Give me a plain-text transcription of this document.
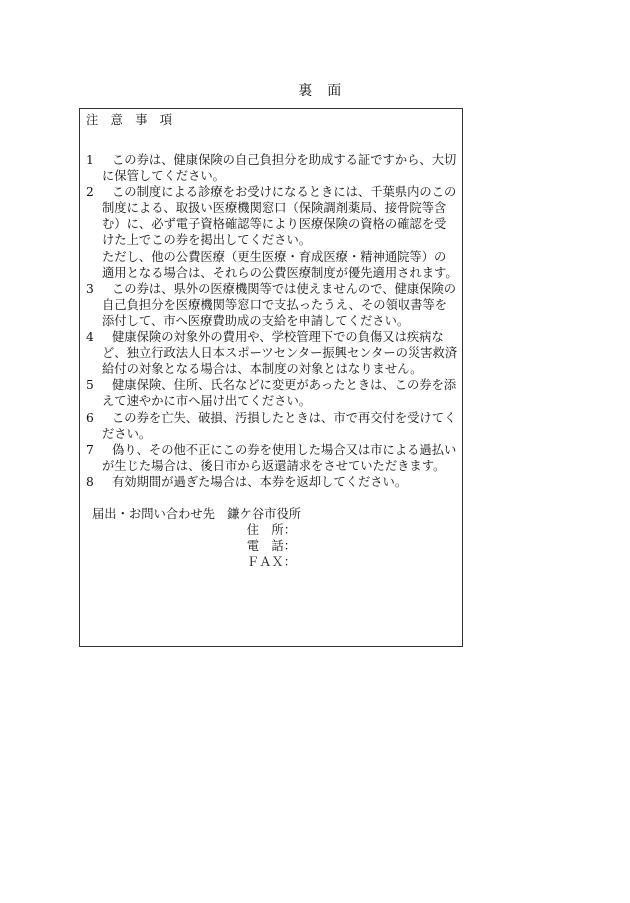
裏　面
注　意　事　項
1	この券は、健康保険の自己負担分を助成する証ですから、大切に保管してください。

2	この制度による診療をお受けになるときには、千葉県内のこの制度による、取扱い医療機関窓口（保険調剤薬局、接骨院等含む）に、必ず電子資格確認等により医療保険の資格の確認を受けた上でこの券を掲出してください。

ただし、他の公費医療（更生医療・育成医療・精神通院等）の適用となる場合は、それらの公費医療制度が優先適用されます。

3	この券は、県外の医療機関等では使えませんので、健康保険の自己負担分を医療機関等窓口で支払ったうえ、その領収書等を添付して、市へ医療費助成の支給を申請してください。

4	健康保険の対象外の費用や、学校管理下での負傷又は疾病など、独立行政法人日本スポーツセンター振興センターの災害救済給付の対象となる場合は、本制度の対象とはなりません。

5	健康保険、住所、氏名などに変更があったときは、この券を添えて速やかに市へ届け出てください。

6	この券を亡失、破損、汚損したときは、市で再交付を受けてください。

7	偽り、その他不正にこの券を使用した場合又は市による過払いが生じた場合は、後日市から返還請求をさせていただきます。

8	有効期間が過ぎた場合は、本券を返却してください。

届出・お問い合わせ先　鎌ケ谷市役所

住　所：
電　話：
ＦＡＸ：
